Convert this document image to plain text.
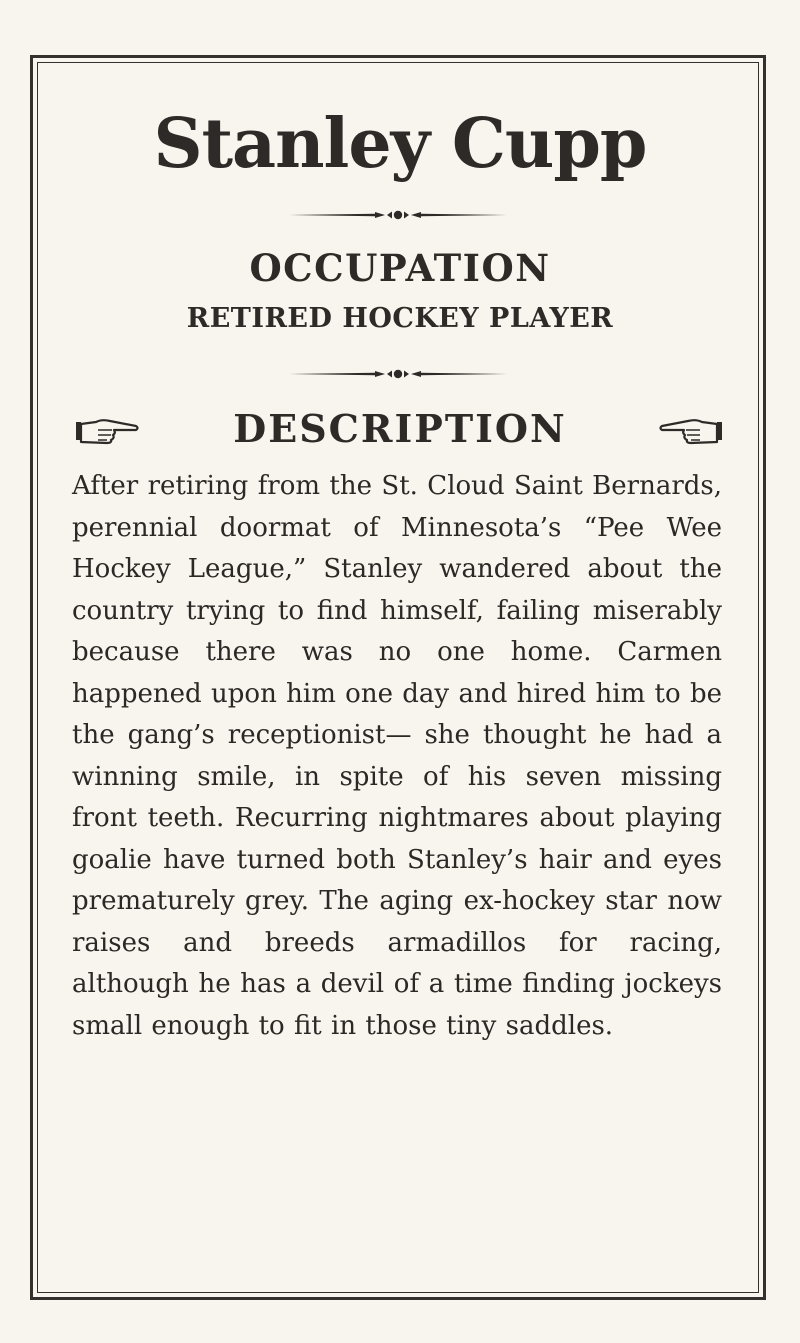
Stanley Cupp
OCCUPATION
RETIRED HOCKEY PLAYER
DESCRIPTION

After retiring from the St. Cloud Saint Bernards, perennial doormat of Minnesota’s “Pee Wee Hockey League,” Stanley wandered about the country trying to find himself, failing miserably because there was no one home. Carmen happened upon him one day and hired him to be the gang’s receptionist— she thought he had a winning smile, in spite of his seven missing front teeth. Recurring nightmares about playing goalie have turned both Stanley’s hair and eyes prematurely grey. The aging ex-hockey star now raises and breeds armadillos for racing, although he has a devil of a time finding jockeys small enough to fit in those tiny saddles.
